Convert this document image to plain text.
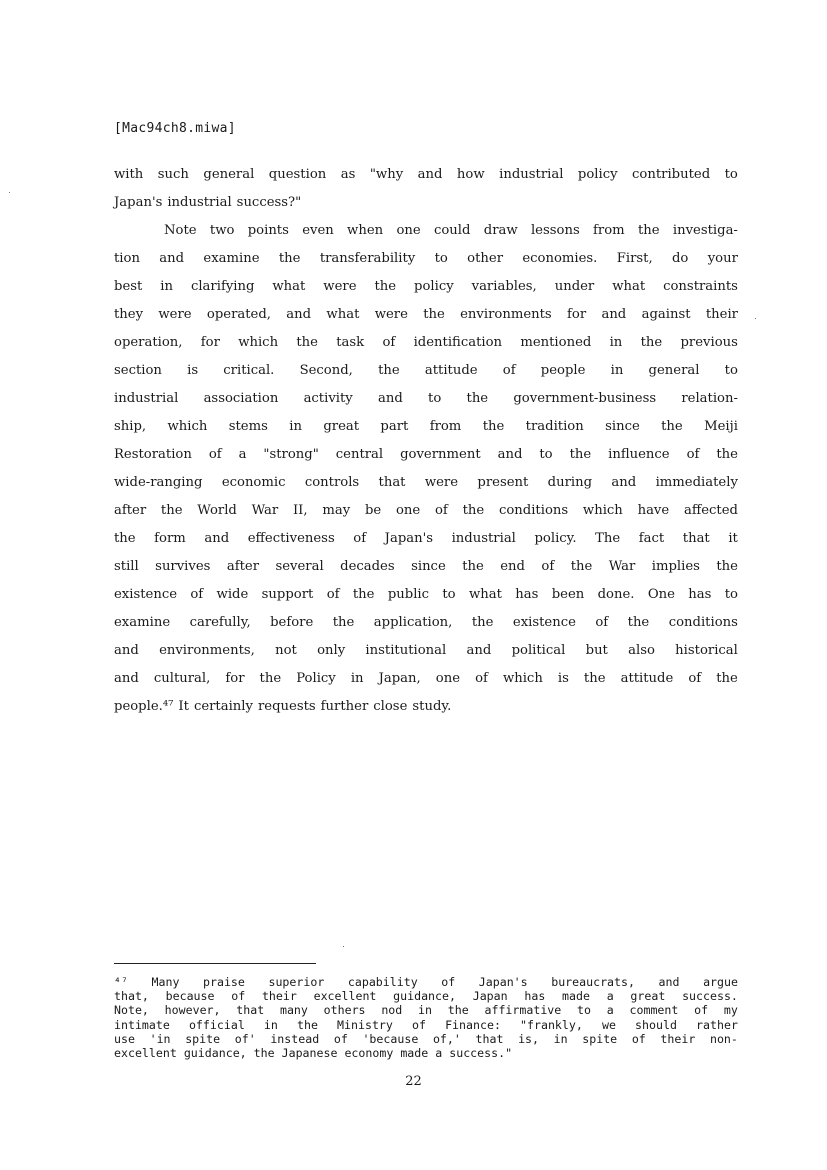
[Mac94ch8.miwa]
with such general question as "why and how industrial policy contributed to
Japan's industrial success?"
Note two points even when one could draw lessons from the investiga-
tion and examine the transferability to other economies. First, do your
best in clarifying what were the policy variables, under what constraints
they were operated, and what were the environments for and against their
operation, for which the task of identification mentioned in the previous
section is critical. Second, the attitude of people in general to
industrial association activity and to the government-business relation-
ship, which stems in great part from the tradition since the Meiji
Restoration of a "strong" central government and to the influence of the
wide-ranging economic controls that were present during and immediately
after the World War II, may be one of the conditions which have affected
the form and effectiveness of Japan's industrial policy. The fact that it
still survives after several decades since the end of the War implies the
existence of wide support of the public to what has been done. One has to
examine carefully, before the application, the existence of the conditions
and environments, not only institutional and political but also historical
and cultural, for the Policy in Japan, one of which is the attitude of the
people.⁴⁷ It certainly requests further close study.
⁴⁷ Many praise superior capability of Japan's bureaucrats, and argue
that, because of their excellent guidance, Japan has made a great success.
Note, however, that many others nod in the affirmative to a comment of my
intimate official in the Ministry of Finance: "frankly, we should rather
use 'in spite of' instead of 'because of,' that is, in spite of their non-
excellent guidance, the Japanese economy made a success."
22
